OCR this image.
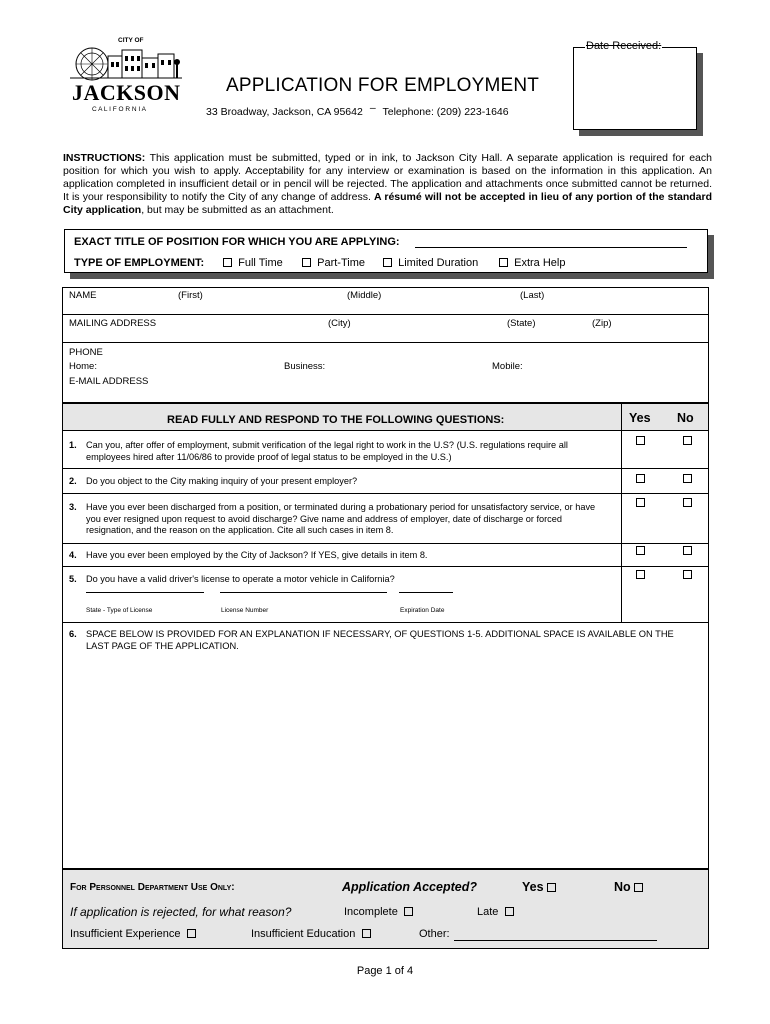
CITY OF
JACKSON
C A L I F O R N I A
APPLICATION FOR EMPLOYMENT
33 Broadway, Jackson, CA 95642 – Telephone: (209) 223-1646
Date Received:
INSTRUCTIONS: This application must be submitted, typed or in ink, to Jackson City Hall. A separate application is required for each position for which you wish to apply. Acceptability for any interview or examination is based on the information in this application. An application completed in insufficient detail or in pencil will be rejected. The application and attachments once submitted cannot be returned. It is your responsibility to notify the City of any change of address. A résumé will not be accepted in lieu of any portion of the standard City application, but may be submitted as an attachment.
EXACT TITLE OF POSITION FOR WHICH YOU ARE APPLYING:
TYPE OF EMPLOYMENT:	Full Time	Part-Time	Limited Duration	Extra Help
NAME	(First)	(Middle)	(Last)
MAILING ADDRESS	(City)	(State)	(Zip)
PHONE
Home:	Business:	Mobile:
E-MAIL ADDRESS
READ FULLY AND RESPOND TO THE FOLLOWING QUESTIONS:	Yes No
1. Can you, after offer of employment, submit verification of the legal right to work in the U.S? (U.S. regulations require all employees hired after 11/06/86 to provide proof of legal status to be employed in the U.S.)
2. Do you object to the City making inquiry of your present employer?
3. Have you ever been discharged from a position, or terminated during a probationary period for unsatisfactory service, or have you ever resigned upon request to avoid discharge? Give name and address of employer, date of discharge or forced resignation, and the reason on the application. Cite all such cases in item 8.
4. Have you ever been employed by the City of Jackson? If YES, give details in item 8.
5. Do you have a valid driver's license to operate a motor vehicle in California?
State - Type of License	License Number	Expiration Date
6. SPACE BELOW IS PROVIDED FOR AN EXPLANATION IF NECESSARY, OF QUESTIONS 1-5. ADDITIONAL SPACE IS AVAILABLE ON THE LAST PAGE OF THE APPLICATION.
For Personnel Department Use Only:	Application Accepted?	Yes	No
If application is rejected, for what reason?	Incomplete	Late
Insufficient Experience	Insufficient Education	Other:
Page 1 of 4
